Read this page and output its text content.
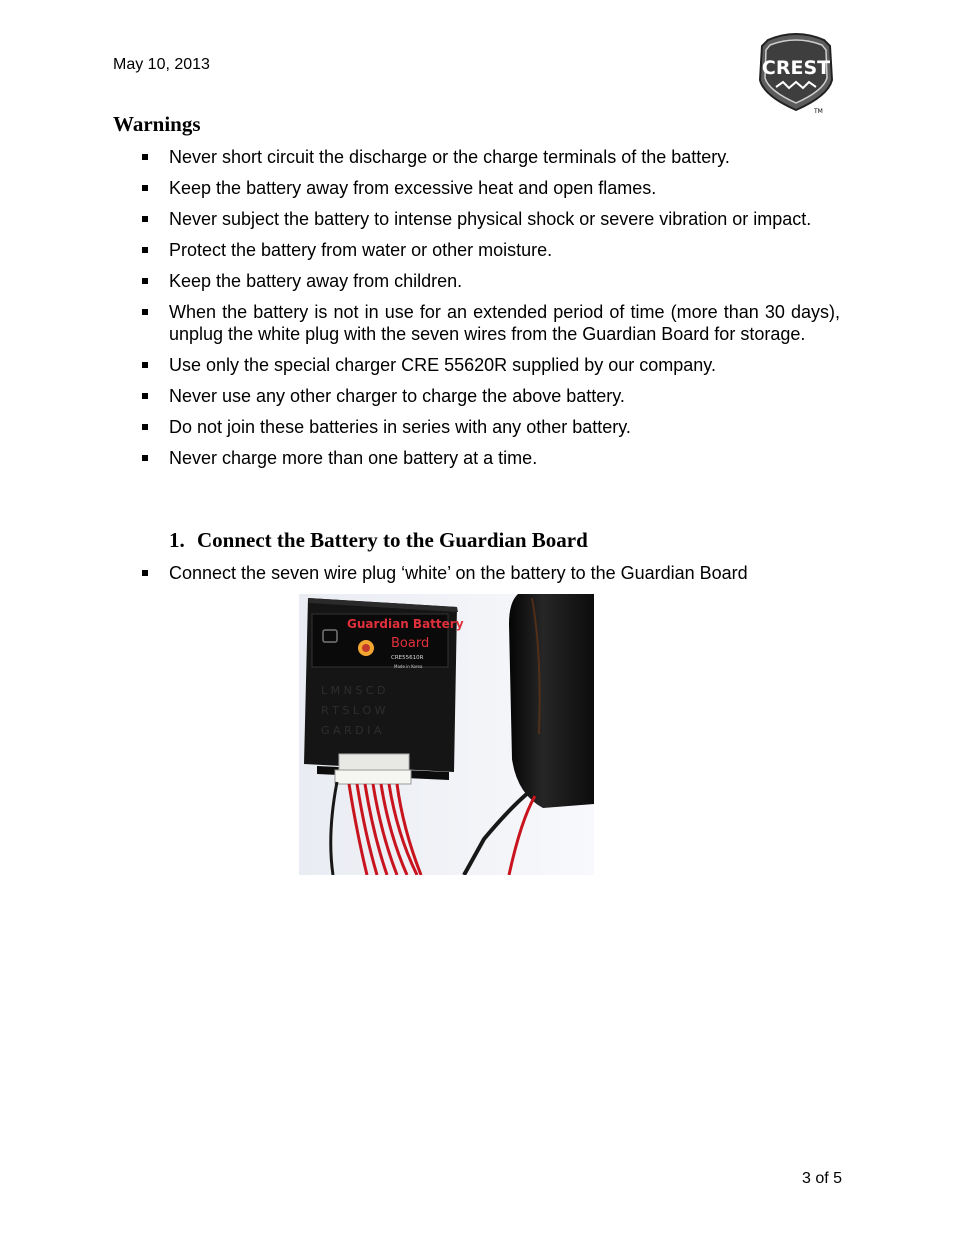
May 10, 2013	CREST
TM
Warnings
Never short circuit the discharge or the charge terminals of the battery.
Keep the battery away from excessive heat and open flames.
Never subject the battery to intense physical shock or severe vibration or impact.
Protect the battery from water or other moisture.
Keep the battery away from children.
When the battery is not in use for an extended period of time (more than 30 days), unplug the white plug with the seven wires from the Guardian Board for storage.
Use only the special charger CRE 55620R supplied by our company.
Never use any other charger to charge the above battery.
Do not join these batteries in series with any other battery.
Never charge more than one battery at a time.
1. Connect the Battery to the Guardian Board
Connect the seven wire plug ‘white’ on the battery to the Guardian Board
Guardian Battery
Board
CRE55610R
Made in Korea
L M N S C D
R T S L O W
G A R D I A
3 of 5
